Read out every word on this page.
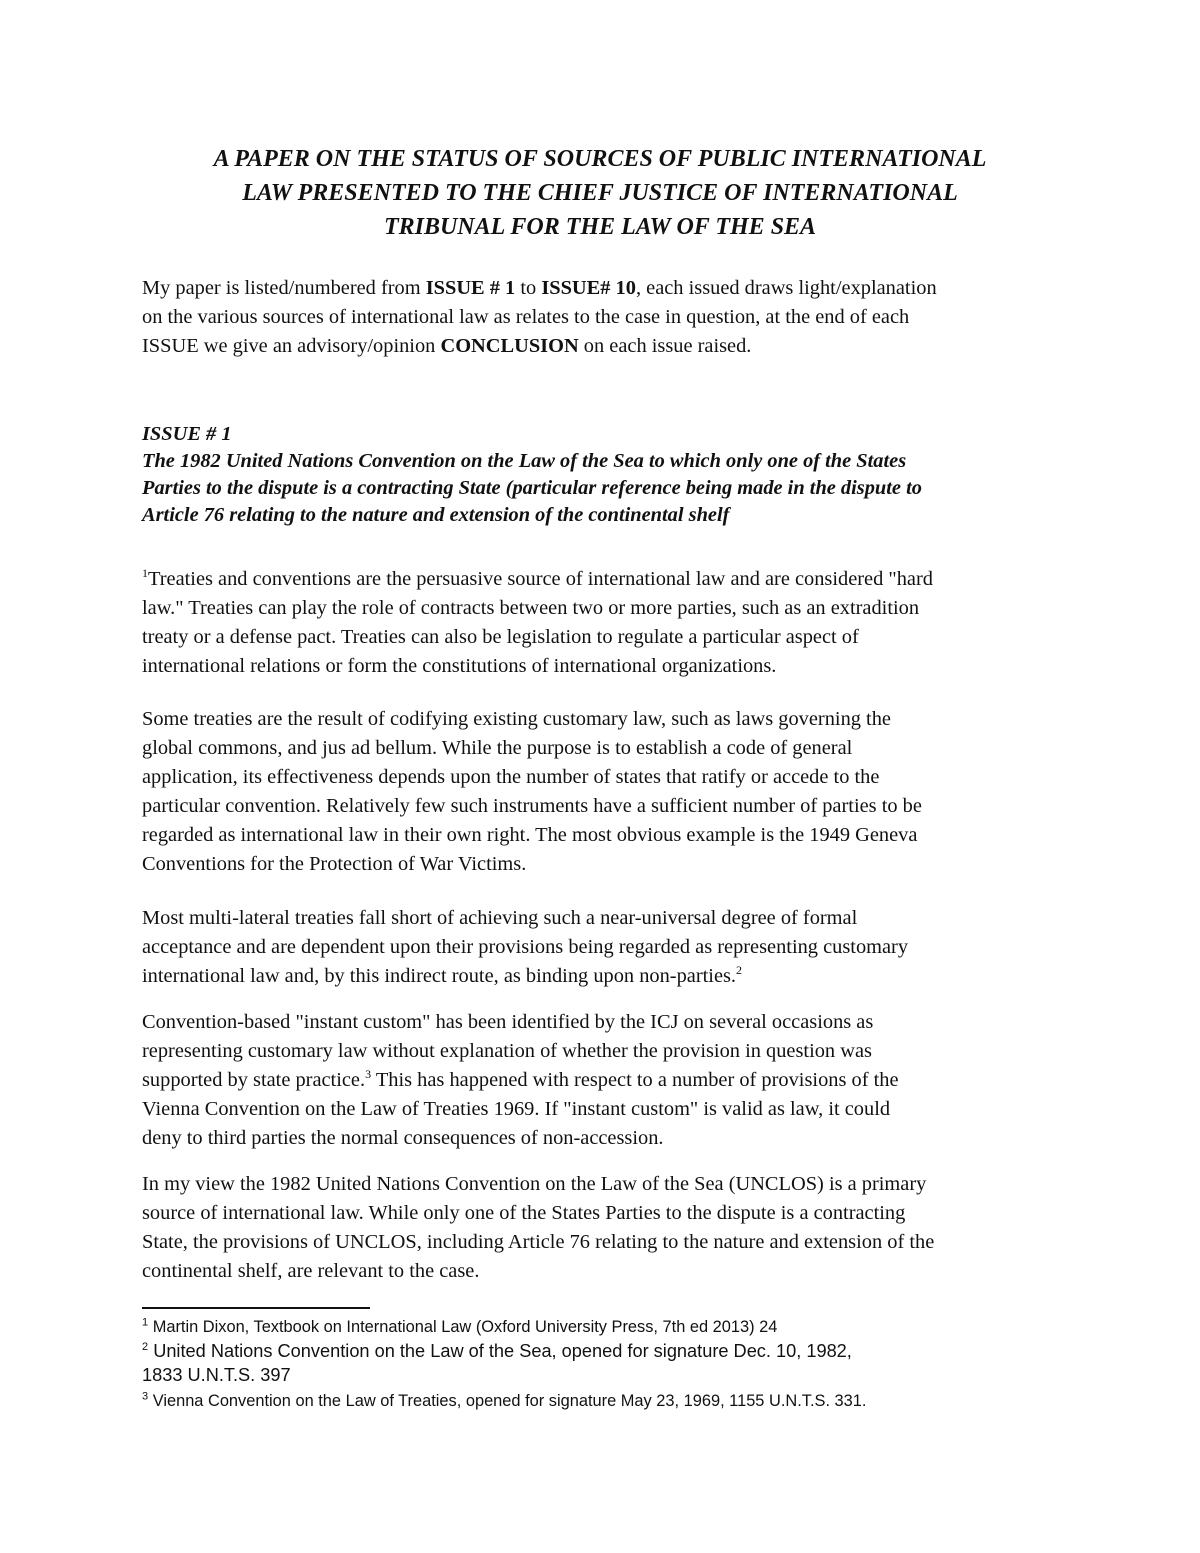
A PAPER ON THE STATUS OF SOURCES OF PUBLIC INTERNATIONAL
LAW PRESENTED TO THE CHIEF JUSTICE OF INTERNATIONAL
TRIBUNAL FOR THE LAW OF THE SEA

My paper is listed/numbered from ISSUE # 1 to ISSUE# 10, each issued draws light/explanation
on the various sources of international law as relates to the case in question, at the end of each
ISSUE we give an advisory/opinion CONCLUSION on each issue raised.

ISSUE # 1
The 1982 United Nations Convention on the Law of the Sea to which only one of the States
Parties to the dispute is a contracting State (particular reference being made in the dispute to
Article 76 relating to the nature and extension of the continental shelf

$^1$Treaties and conventions are the persuasive source of international law and are considered "hard
law." Treaties can play the role of contracts between two or more parties, such as an extradition
treaty or a defense pact. Treaties can also be legislation to regulate a particular aspect of
international relations or form the constitutions of international organizations.

Some treaties are the result of codifying existing customary law, such as laws governing the
global commons, and jus ad bellum. While the purpose is to establish a code of general
application, its effectiveness depends upon the number of states that ratify or accede to the
particular convention. Relatively few such instruments have a sufficient number of parties to be
regarded as international law in their own right. The most obvious example is the 1949 Geneva
Conventions for the Protection of War Victims.

Most multi-lateral treaties fall short of achieving such a near-universal degree of formal
acceptance and are dependent upon their provisions being regarded as representing customary
international law and, by this indirect route, as binding upon non-parties.$^2$

Convention-based "instant custom" has been identified by the ICJ on several occasions as
representing customary law without explanation of whether the provision in question was
supported by state practice.$^3$ This has happened with respect to a number of provisions of the
Vienna Convention on the Law of Treaties 1969. If "instant custom" is valid as law, it could
deny to third parties the normal consequences of non-accession.

In my view the 1982 United Nations Convention on the Law of the Sea (UNCLOS) is a primary
source of international law. While only one of the States Parties to the dispute is a contracting
State, the provisions of UNCLOS, including Article 76 relating to the nature and extension of the
continental shelf, are relevant to the case.

$^1$ Martin Dixon, Textbook on International Law (Oxford University Press, 7th ed 2013) 24
$^2$ United Nations Convention on the Law of the Sea, opened for signature Dec. 10, 1982,
1833 U.N.T.S. 397
$^3$ Vienna Convention on the Law of Treaties, opened for signature May 23, 1969, 1155 U.N.T.S. 331.
